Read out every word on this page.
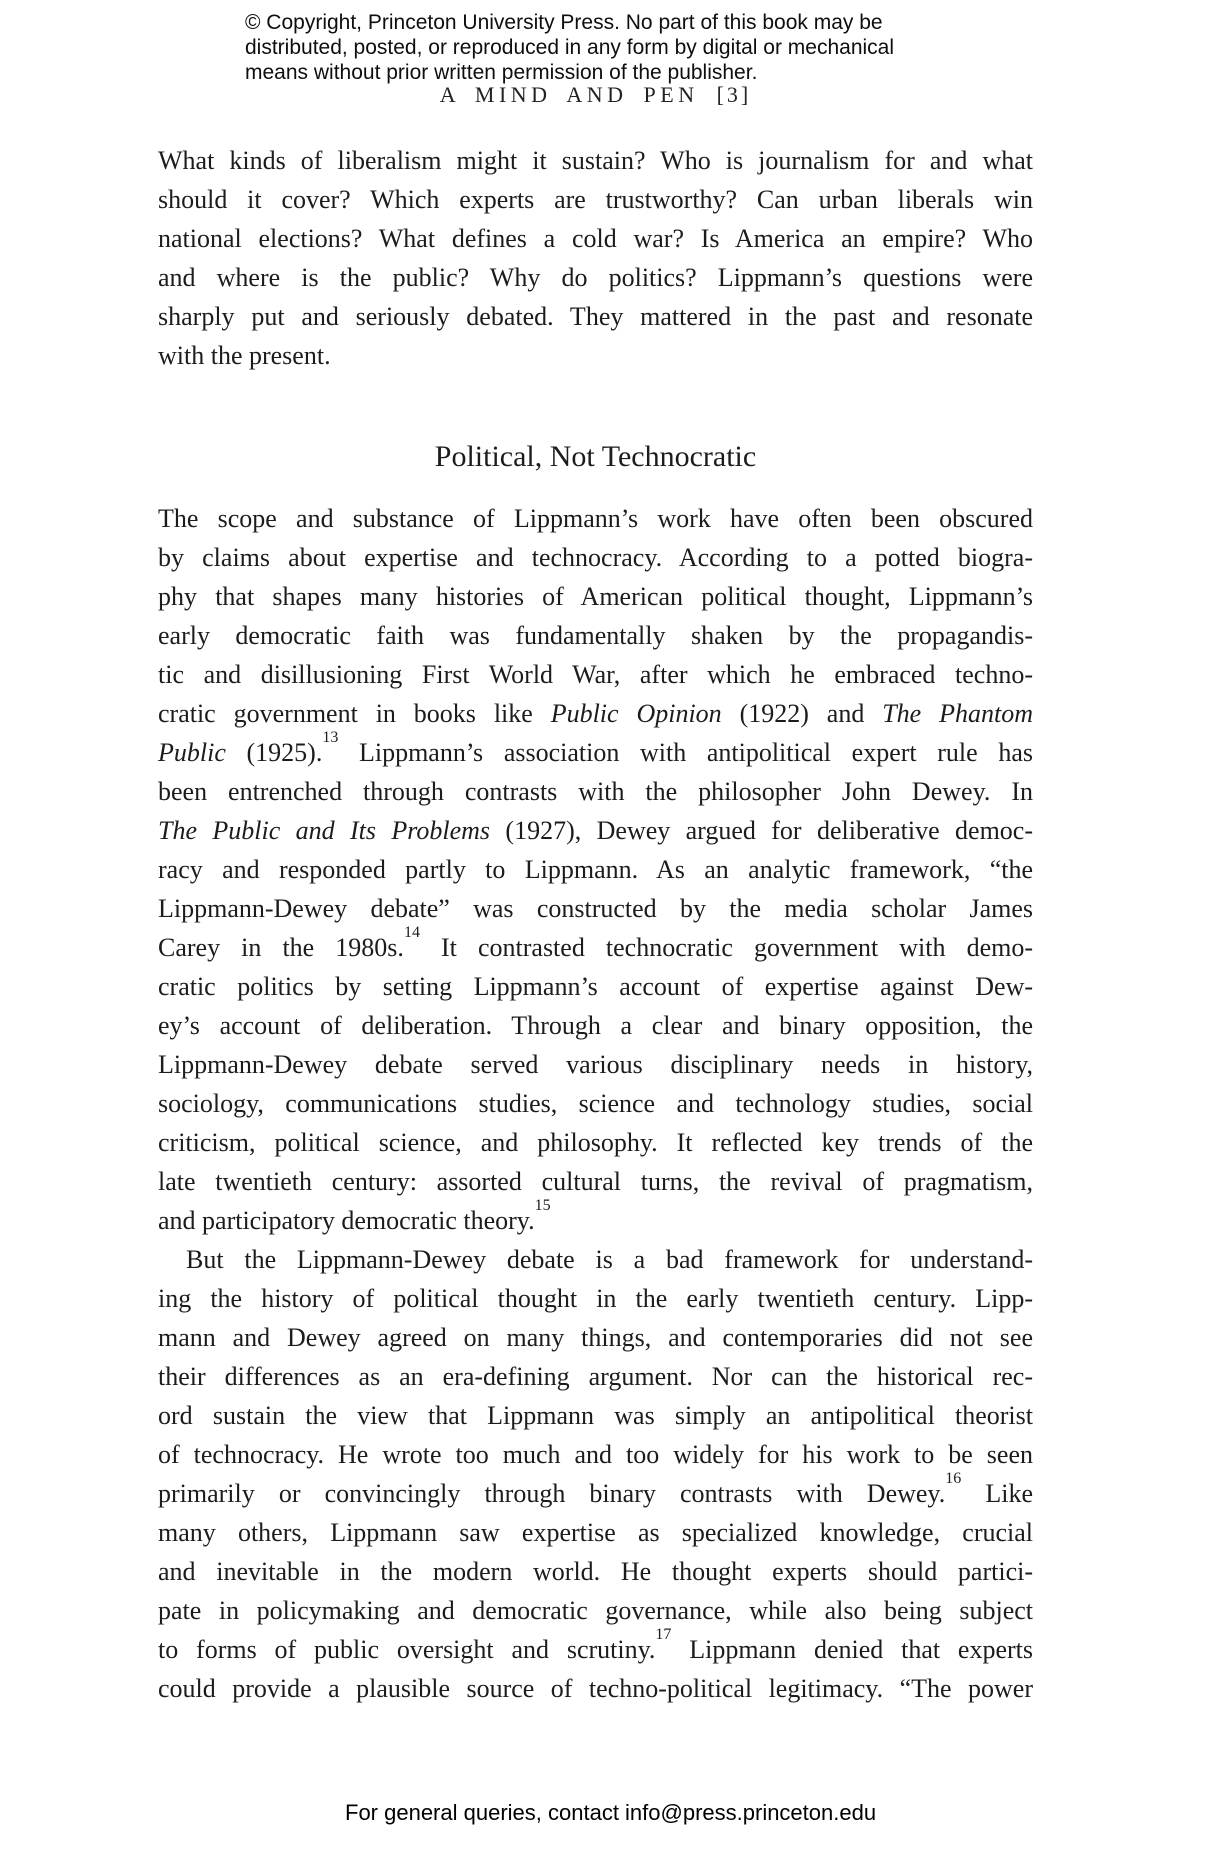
© Copyright, Princeton University Press. No part of this book may be
distributed, posted, or reproduced in any form by digital or mechanical
means without prior written permission of the publisher.
A MIND AND PEN [3]
What kinds of liberalism might it sustain? Who is journalism for and what
should it cover? Which experts are trustworthy? Can urban liberals win
national elections? What defines a cold war? Is America an empire? Who
and where is the public? Why do politics? Lippmann’s questions were
sharply put and seriously debated. They mattered in the past and resonate
with the present.
Political, Not Technocratic
The scope and substance of Lippmann’s work have often been obscured
by claims about expertise and technocracy. According to a potted biogra-
phy that shapes many histories of American political thought, Lippmann’s
early democratic faith was fundamentally shaken by the propagandis-
tic and disillusioning First World War, after which he embraced techno-
cratic government in books like Public Opinion (1922) and The Phantom
Public (1925).$^{13}$ Lippmann’s association with antipolitical expert rule has
been entrenched through contrasts with the philosopher John Dewey. In
The Public and Its Problems (1927), Dewey argued for deliberative democ-
racy and responded partly to Lippmann. As an analytic framework, “the
Lippmann-Dewey debate” was constructed by the media scholar James
Carey in the 1980s.$^{14}$ It contrasted technocratic government with demo-
cratic politics by setting Lippmann’s account of expertise against Dew-
ey’s account of deliberation. Through a clear and binary opposition, the
Lippmann-Dewey debate served various disciplinary needs in history,
sociology, communications studies, science and technology studies, social
criticism, political science, and philosophy. It reflected key trends of the
late twentieth century: assorted cultural turns, the revival of pragmatism,
and participatory democratic theory.$^{15}$
But the Lippmann-Dewey debate is a bad framework for understand-
ing the history of political thought in the early twentieth century. Lipp-
mann and Dewey agreed on many things, and contemporaries did not see
their differences as an era-defining argument. Nor can the historical rec-
ord sustain the view that Lippmann was simply an antipolitical theorist
of technocracy. He wrote too much and too widely for his work to be seen
primarily or convincingly through binary contrasts with Dewey.$^{16}$ Like
many others, Lippmann saw expertise as specialized knowledge, crucial
and inevitable in the modern world. He thought experts should partici-
pate in policymaking and democratic governance, while also being subject
to forms of public oversight and scrutiny.$^{17}$ Lippmann denied that experts
could provide a plausible source of techno-political legitimacy. “The power
For general queries, contact info@press.princeton.edu
